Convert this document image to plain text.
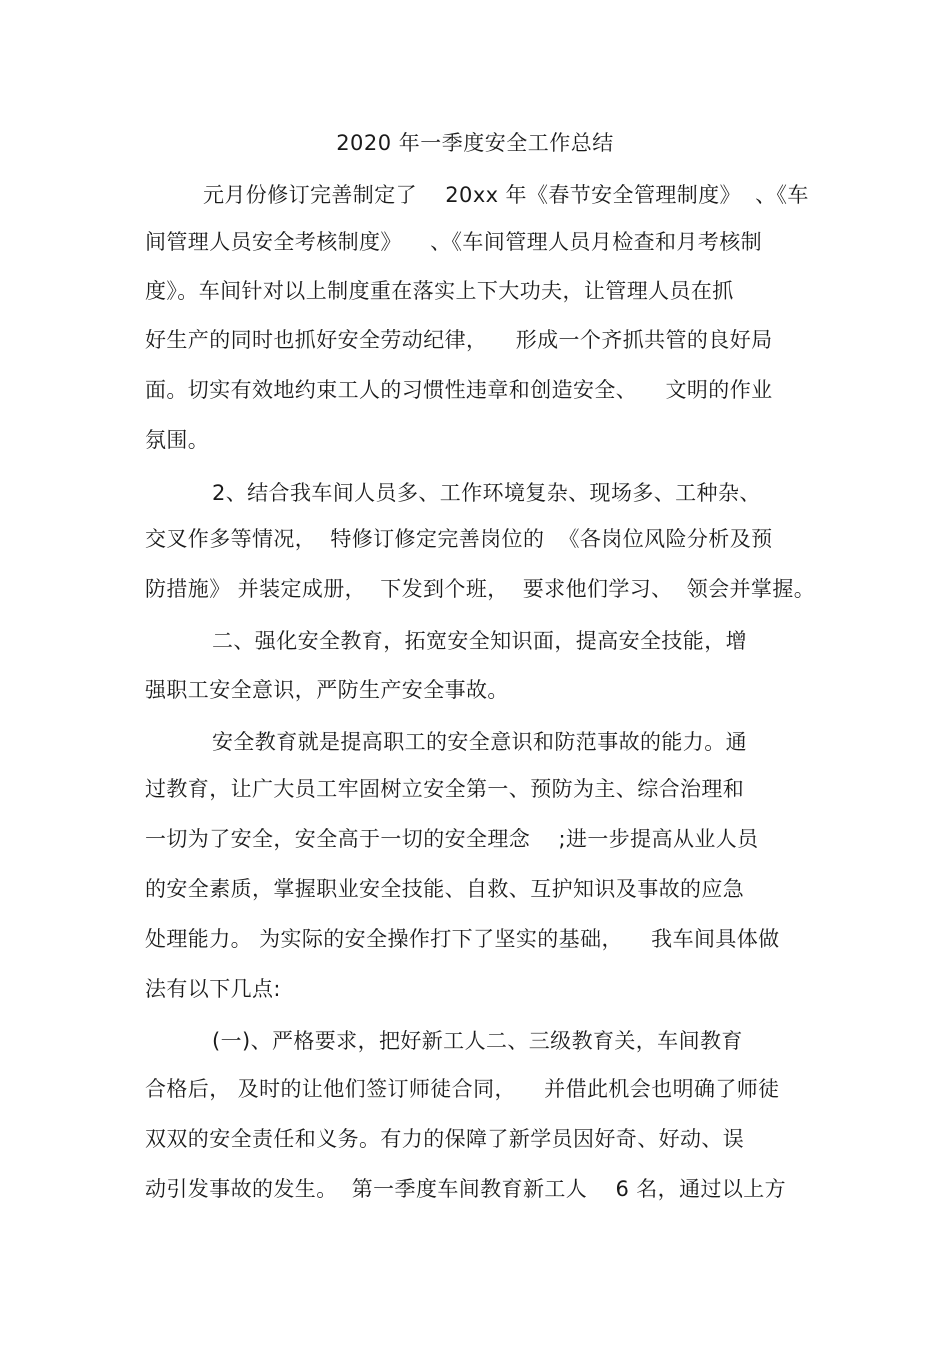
2020 年一季度安全工作总结
元月份修订完善制定了    20xx 年《春节安全管理制度》  、《车
间管理人员安全考核制度》    、《车间管理人员月检查和月考核制
度》。车间针对以上制度重在落实上下大功夫，让管理人员在抓
好生产的同时也抓好安全劳动纪律，    形成一个齐抓共管的良好局
面。切实有效地约束工人的习惯性违章和创造安全、    文明的作业
氛围。
2、结合我车间人员多、工作环境复杂、现场多、工种杂、
交叉作多等情况，  特修订修定完善岗位的  《各岗位风险分析及预
防措施》 并装定成册，  下发到个班，  要求他们学习、  领会并掌握。
二、强化安全教育，拓宽安全知识面，提高安全技能，增
强职工安全意识，严防生产安全事故。
安全教育就是提高职工的安全意识和防范事故的能力。通
过教育，让广大员工牢固树立安全第一、预防为主、综合治理和
一切为了安全，安全高于一切的安全理念    ;进一步提高从业人员
的安全素质，掌握职业安全技能、自救、互护知识及事故的应急
处理能力。 为实际的安全操作打下了坚实的基础，    我车间具体做
法有以下几点:
(一)、严格要求，把好新工人二、三级教育关，车间教育
合格后， 及时的让他们签订师徒合同，    并借此机会也明确了师徒
双双的安全责任和义务。有力的保障了新学员因好奇、好动、误
动引发事故的发生。  第一季度车间教育新工人    6 名，通过以上方
